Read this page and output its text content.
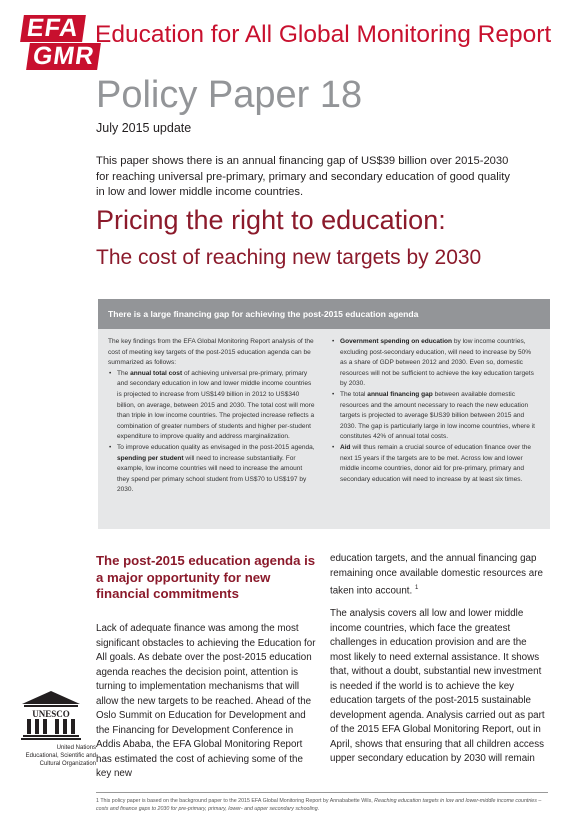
EFA
GMR
Education for All Global Monitoring Report
Policy Paper 18
July 2015 update

This paper shows there is an annual financing gap of US$39 billion over 2015-2030 for reaching universal pre-primary, primary and secondary education of good quality in low and lower middle income countries.

Pricing the right to education:
The cost of reaching new targets by 2030
There is a large financing gap for achieving the post-2015 education agenda

The key findings from the EFA Global Monitoring Report analysis of the cost of meeting key targets of the post-2015 education agenda can be summarized as follows:

• The annual total cost of achieving universal pre-primary, primary and secondary education in low and lower middle income countries is projected to increase from US$149 billion in 2012 to US$340 billion, on average, between 2015 and 2030. The total cost will more than triple in low income countries. The projected increase reflects a combination of greater numbers of students and higher per-student expenditure to improve quality and address marginalization.
• To improve education quality as envisaged in the post-2015 agenda, spending per student will need to increase substantially. For example, low income countries will need to increase the amount they spend per primary school student from US$70 to US$197 by 2030.
• Government spending on education by low income countries, excluding post-secondary education, will need to increase by 50% as a share of GDP between 2012 and 2030. Even so, domestic resources will not be sufficient to achieve the key education targets by 2030.
• The total annual financing gap between available domestic resources and the amount necessary to reach the new education targets is projected to average $US39 billion between 2015 and 2030. The gap is particularly large in low income countries, where it constitutes 42% of annual total costs.
• Aid will thus remain a crucial source of education finance over the next 15 years if the targets are to be met. Across low and lower middle income countries, donor aid for pre-primary, primary and secondary education will need to increase by at least six times.
The post-2015 education agenda is a major opportunity for new financial commitments

Lack of adequate finance was among the most significant obstacles to achieving the Education for All goals. As debate over the post-2015 education agenda reaches the decision point, attention is turning to implementation mechanisms that will allow the new targets to be reached. Ahead of the Oslo Summit on Education for Development and the Financing for Development Conference in Addis Ababa, the EFA Global Monitoring Report has estimated the cost of achieving some of the key new

education targets, and the annual financing gap remaining once available domestic resources are taken into account. $^1$

The analysis covers all low and lower middle income countries, which face the greatest challenges in education provision and are the most likely to need external assistance. It shows that, without a doubt, substantial new investment is needed if the world is to achieve the key education targets of the post-2015 sustainable development agenda. Analysis carried out as part of the 2015 EFA Global Monitoring Report, out in April, shows that ensuring that all children access upper secondary education by 2030 will remain

UNESCO
United Nations
Educational, Scientific and
Cultural Organization

1 This policy paper is based on the background paper to the 2015 EFA Global Monitoring Report by Annababette Wils, Reaching education targets in low and lower-middle income countries – costs and finance gaps to 2030 for pre-primary, primary, lower- and upper secondary schooling.
